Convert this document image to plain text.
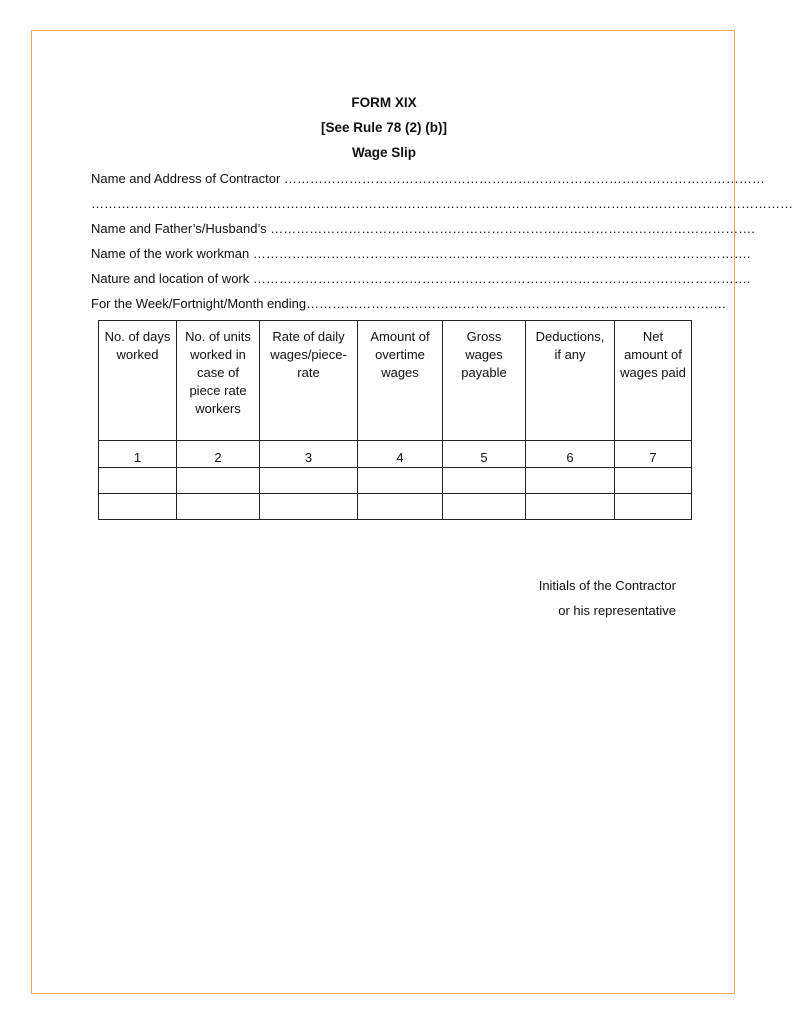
FORM XIX
[See Rule 78 (2) (b)]
Wage Slip
Name and Address of Contractor …………………………………………………………………………………………………
………………………………………………………………………………………………………………………………………………
Name and Father’s/Husband’s ………………………………………………………………………………………………….
Name of the work workman …………………………………………………………………………………………………….
Nature and location of work …………………………………………………………………………………………………….
For the Week/Fortnight/Month ending…………………………………………………………………………………….
No. of days worked	No. of units worked in case of piece rate workers	Rate of daily wages/piece-rate	Amount of overtime wages	Gross wages payable	Deductions, if any	Net amount of wages paid
1	2	3	4	5	6	7

Initials of the Contractor
or his representative
